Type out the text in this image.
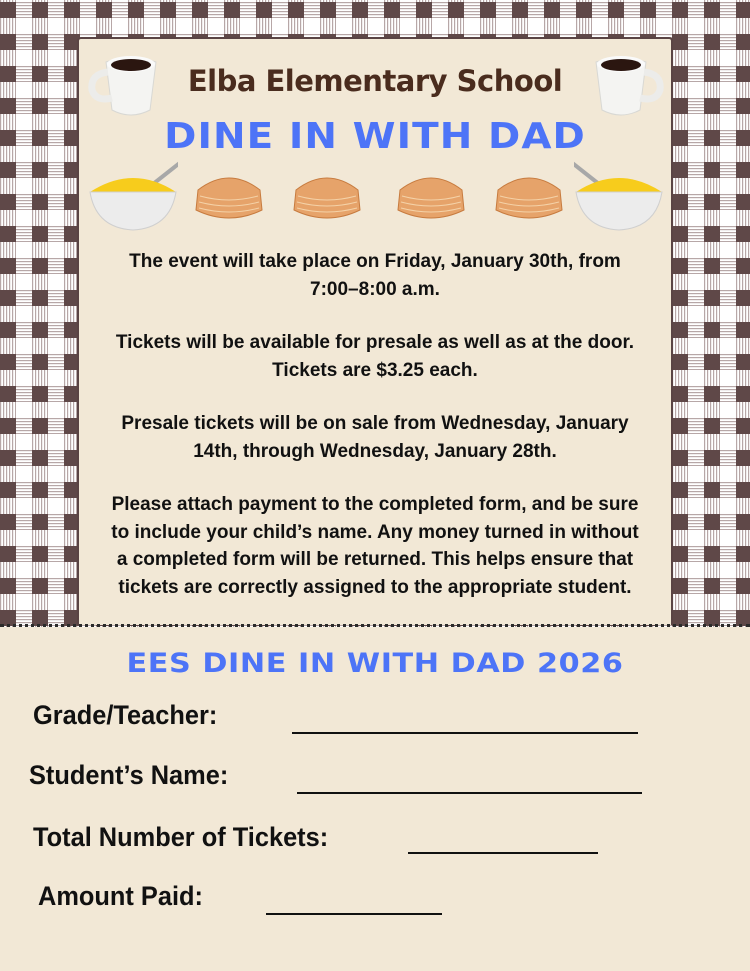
Elba Elementary School
DINE IN WITH DAD

The event will take place on Friday, January 30th, from
7:00–8:00 a.m.

Tickets will be available for presale as well as at the door.
Tickets are $3.25 each.

Presale tickets will be on sale from Wednesday, January
14th, through Wednesday, January 28th.

Please attach payment to the completed form, and be sure
to include your child’s name. Any money turned in without
a completed form will be returned. This helps ensure that
tickets are correctly assigned to the appropriate student.

EES DINE IN WITH DAD 2026
Grade/Teacher:
Student’s Name:
Total Number of Tickets:
Amount Paid:
